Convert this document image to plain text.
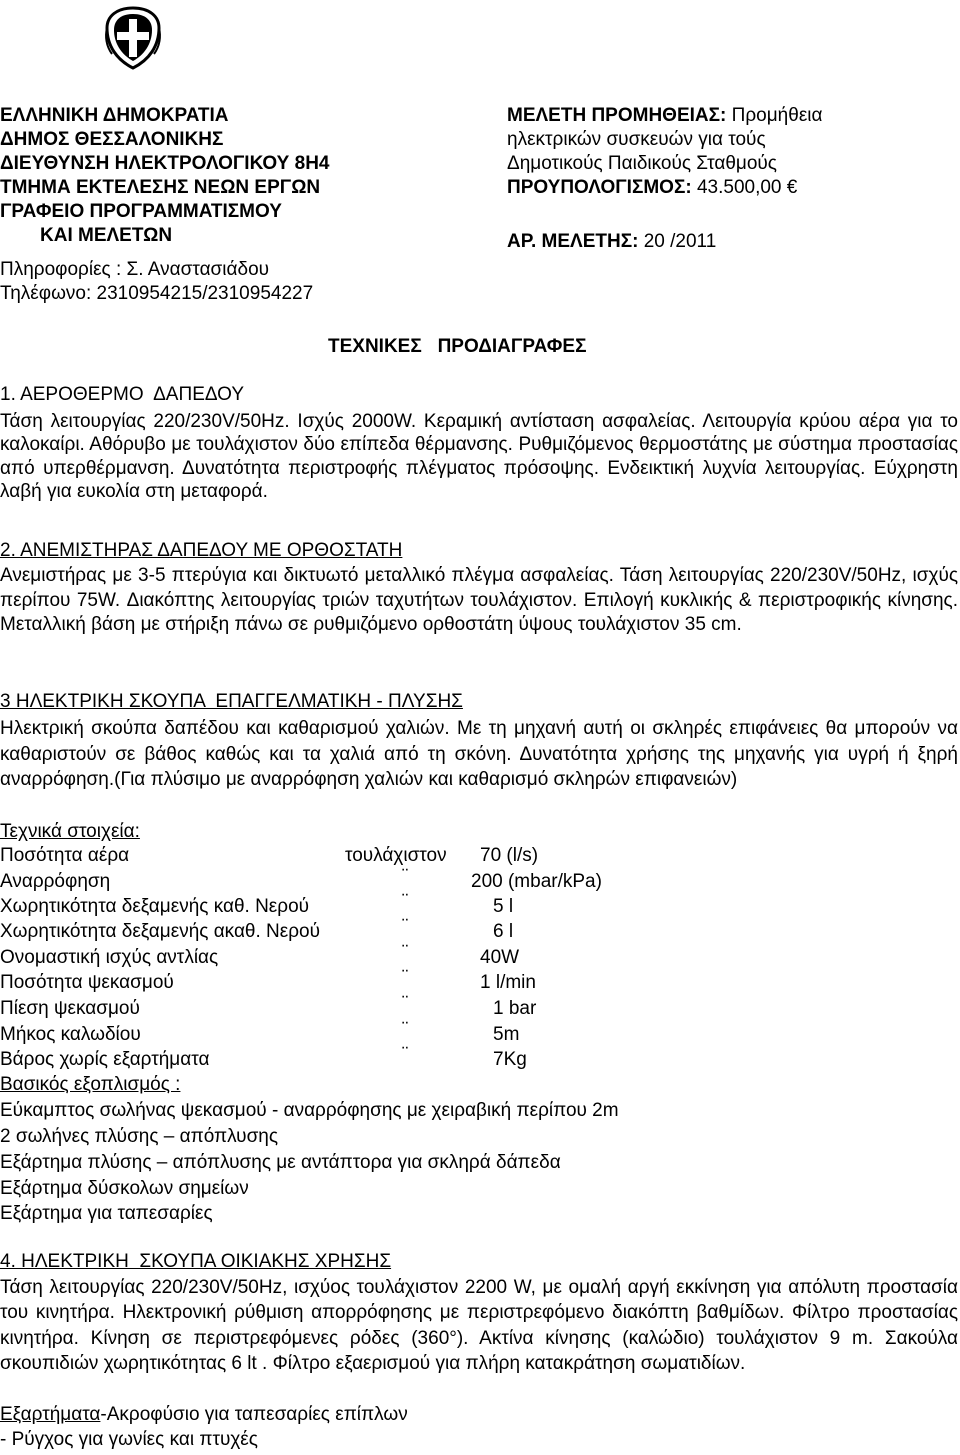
ΕΛΛΗΝΙΚΗ ΔΗΜΟΚΡΑΤΙΑ
ΔΗΜΟΣ ΘΕΣΣΑΛΟΝΙΚΗΣ
ΔΙΕΥΘΥΝΣΗ ΗΛΕΚΤΡΟΛΟΓΙΚΟΥ 8Η4
ΤΜΗΜΑ ΕΚΤΕΛΕΣΗΣ ΝΕΩΝ ΕΡΓΩΝ
ΓΡΑΦΕΙΟ ΠΡΟΓΡΑΜΜΑΤΙΣΜΟΥ
ΚΑΙ ΜΕΛΕΤΩΝ
Πληροφορίες : Σ. Αναστασιάδου
Τηλέφωνο: 2310954215/2310954227
ΜΕΛΕΤΗ ΠΡΟΜΗΘΕΙΑΣ: Προμήθεια
ηλεκτρικών συσκευών για τούς
Δημοτικούς Παιδικούς Σταθμούς
ΠΡΟΥΠΟΛΟΓΙΣΜΟΣ: 43.500,00 €
ΑΡ. ΜΕΛΕΤΗΣ: 20 /2011
ΤΕΧΝΙΚΕΣ   ΠΡΟΔΙΑΓΡΑΦΕΣ
1. ΑΕΡΟΘΕΡΜΟ  ΔΑΠΕΔΟΥ
Τάση λειτουργίας 220/230V/50Hz. Ισχύς 2000W. Κεραμική αντίσταση ασφαλείας. Λειτουργία κρύου αέρα για το καλοκαίρι. Αθόρυβο με τουλάχιστον δύο επίπεδα θέρμανσης. Ρυθμιζόμενος θερμοστάτης με σύστημα προστασίας από υπερθέρμανση. Δυνατότητα περιστροφής πλέγματος πρόσοψης. Ενδεικτική λυχνία λειτουργίας. Εύχρηστη λαβή για ευκολία στη μεταφορά.
2. ΑΝΕΜΙΣΤΗΡΑΣ ΔΑΠΕΔΟΥ ΜΕ ΟΡΘΟΣΤΑΤΗ
Ανεμιστήρας με 3-5 πτερύγια και δικτυωτό μεταλλικό πλέγμα ασφαλείας. Τάση λειτουργίας 220/230V/50Hz, ισχύς περίπου 75W. Διακόπτης λειτουργίας τριών ταχυτήτων τουλάχιστον. Επιλογή κυκλικής & περιστροφικής κίνησης. Μεταλλική βάση με στήριξη πάνω σε ρυθμιζόμενο ορθοστάτη ύψους τουλάχιστον 35 cm.
3 ΗΛΕΚΤΡΙΚΗ ΣΚΟΥΠΑ  ΕΠΑΓΓΕΛΜΑΤΙΚΗ - ΠΛΥΣΗΣ
Ηλεκτρική σκούπα δαπέδου και καθαρισμού χαλιών. Με τη μηχανή αυτή οι σκληρές επιφάνειες θα μπορούν να καθαριστούν σε βάθος καθώς και τα χαλιά από τη σκόνη. Δυνατότητα χρήσης της μηχανής για υγρή ή ξηρή αναρρόφηση.(Για πλύσιμο με αναρρόφηση χαλιών και καθαρισμό σκληρών επιφανειών)
Τεχνικά στοιχεία:
Ποσότητα αέρα	τουλάχιστον 70 (l/s)
Αναρρόφηση	¨	200 (mbar/kPa)
Χωρητικότητα δεξαμενής καθ. Νερού	¨	5 l
Χωρητικότητα δεξαμενής ακαθ. Νερού	¨	6 l
Ονομαστική ισχύς αντλίας	¨	40W
Ποσότητα ψεκασμού	¨	1 l/min
Πίεση ψεκασμού	¨	1 bar
Μήκος καλωδίου	¨	5m
Βάρος χωρίς εξαρτήματα	¨	7Kg
Βασικός εξοπλισμός :
Εύκαμπτος σωλήνας ψεκασμού - αναρρόφησης με χειραβική περίπου 2m
2 σωλήνες πλύσης – απόπλυσης
Εξάρτημα πλύσης – απόπλυσης με αντάπτορα για σκληρά δάπεδα
Εξάρτημα δύσκολων σημείων
Εξάρτημα για ταπεσαρίες
4. ΗΛΕΚΤΡΙΚΗ  ΣΚΟΥΠΑ ΟΙΚΙΑΚΗΣ ΧΡΗΣΗΣ
Τάση λειτουργίας 220/230V/50Hz, ισχύος τουλάχιστον 2200 W, με ομαλή αργή εκκίνηση για απόλυτη προστασία του κινητήρα. Ηλεκτρονική ρύθμιση απορρόφησης με περιστρεφόμενο διακόπτη βαθμίδων. Φίλτρο προστασίας κινητήρα. Κίνηση σε περιστρεφόμενες ρόδες (360°). Ακτίνα κίνησης (καλώδιο) τουλάχιστον 9 m. Σακούλα σκουπιδιών χωρητικότητας 6 lt . Φίλτρο εξαερισμού για πλήρη κατακράτηση σωματιδίων.
Εξαρτήματα-Ακροφύσιο για ταπεσαρίες επίπλων
- Ρύγχος για γωνίες και πτυχές
